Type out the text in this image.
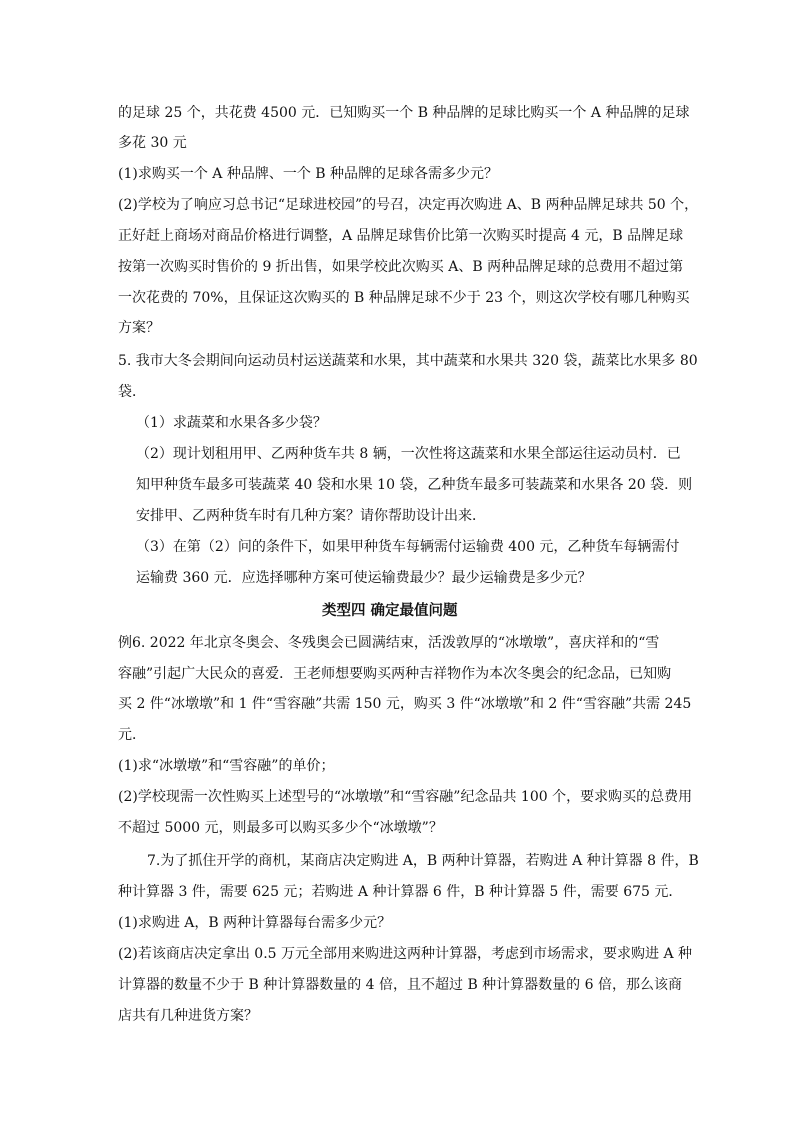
的足球 25 个，共花费 4500 元．已知购买一个 B 种品牌的足球比购买一个 A 种品牌的足球
多花 30 元
(1)求购买一个 A 种品牌、一个 B 种品牌的足球各需多少元？
(2)学校为了响应习总书记“足球进校园”的号召，决定再次购进 A、B 两种品牌足球共 50 个，
正好赶上商场对商品价格进行调整，A 品牌足球售价比第一次购买时提高 4 元，B 品牌足球
按第一次购买时售价的 9 折出售，如果学校此次购买 A、B 两种品牌足球的总费用不超过第
一次花费的 70%，且保证这次购买的 B 种品牌足球不少于 23 个，则这次学校有哪几种购买
方案？
5. 我市大冬会期间向运动员村运送蔬菜和水果，其中蔬菜和水果共 320 袋，蔬菜比水果多 80
袋．
（1）求蔬菜和水果各多少袋？
（2）现计划租用甲、乙两种货车共 8 辆，一次性将这蔬菜和水果全部运往运动员村．已
知甲种货车最多可装蔬菜 40 袋和水果 10 袋，乙种货车最多可装蔬菜和水果各 20 袋．则
安排甲、乙两种货车时有几种方案？请你帮助设计出来．
（3）在第（2）问的条件下，如果甲种货车每辆需付运输费 400 元，乙种货车每辆需付
运输费 360 元．应选择哪种方案可使运输费最少？最少运输费是多少元？
类型四 确定最值问题
例6. 2022 年北京冬奥会、冬残奥会已圆满结束，活泼敦厚的“冰墩墩”，喜庆祥和的“雪
容融”引起广大民众的喜爱．王老师想要购买两种吉祥物作为本次冬奥会的纪念品，已知购
买 2 件“冰墩墩”和 1 件“雪容融”共需 150 元，购买 3 件“冰墩墩”和 2 件“雪容融”共需 245
元．
(1)求“冰墩墩”和“雪容融”的单价；
(2)学校现需一次性购买上述型号的“冰墩墩”和“雪容融”纪念品共 100 个，要求购买的总费用
不超过 5000 元，则最多可以购买多少个“冰墩墩”？
7.为了抓住开学的商机，某商店决定购进 A，B 两种计算器，若购进 A 种计算器 8 件，B
种计算器 3 件，需要 625 元；若购进 A 种计算器 6 件，B 种计算器 5 件，需要 675 元．
(1)求购进 A，B 两种计算器每台需多少元？
(2)若该商店决定拿出 0.5 万元全部用来购进这两种计算器，考虑到市场需求，要求购进 A 种
计算器的数量不少于 B 种计算器数量的 4 倍，且不超过 B 种计算器数量的 6 倍，那么该商
店共有几种进货方案？
